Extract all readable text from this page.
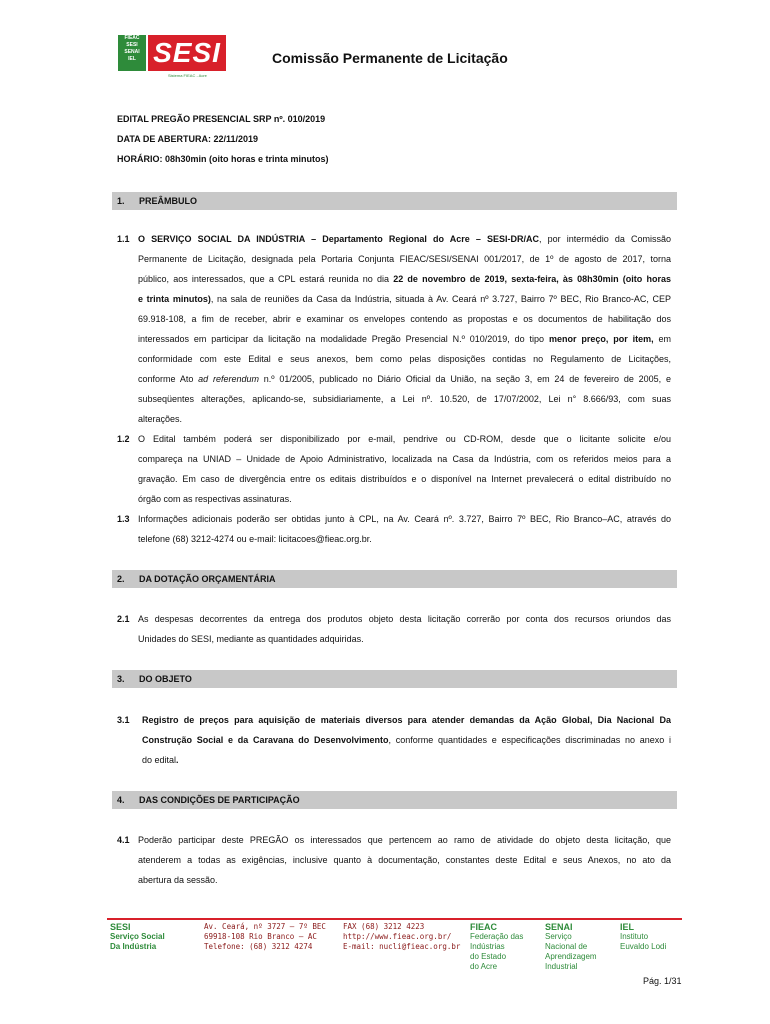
FIEAC
SESI
SENAI
IEL SESI
Sistema FIEAC - Acre
Comissão Permanente de Licitação
EDITAL PREGÃO PRESENCIAL SRP nº. 010/2019
DATA DE ABERTURA: 22/11/2019
HORÁRIO: 08h30min (oito horas e trinta minutos)
1. PREÂMBULO
1.1 O SERVIÇO SOCIAL DA INDÚSTRIA – Departamento Regional do Acre – SESI-DR/AC, por intermédio da Comissão
Permanente de Licitação, designada pela Portaria Conjunta FIEAC/SESI/SENAI 001/2017, de 1º de agosto de 2017, torna
público, aos interessados, que a CPL estará reunida no dia 22 de novembro de 2019, sexta-feira, às 08h30min (oito horas
e trinta minutos), na sala de reuniões da Casa da Indústria, situada à Av. Ceará nº 3.727, Bairro 7º BEC, Rio Branco-AC, CEP
69.918-108, a fim de receber, abrir e examinar os envelopes contendo as propostas e os documentos de habilitação dos
interessados em participar da licitação na modalidade Pregão Presencial N.º 010/2019, do tipo menor preço, por item, em
conformidade com este Edital e seus anexos, bem como pelas disposições contidas no Regulamento de Licitações,
conforme Ato ad referendum n.º 01/2005, publicado no Diário Oficial da União, na seção 3, em 24 de fevereiro de 2005, e
subseqüentes alterações, aplicando-se, subsidiariamente, a Lei nº. 10.520, de 17/07/2002, Lei n° 8.666/93, com suas
alterações.
1.2 O Edital também poderá ser disponibilizado por e-mail, pendrive ou CD-ROM, desde que o licitante solicite e/ou
compareça na UNIAD – Unidade de Apoio Administrativo, localizada na Casa da Indústria, com os referidos meios para a
gravação. Em caso de divergência entre os editais distribuídos e o disponível na Internet prevalecerá o edital distribuído no
órgão com as respectivas assinaturas.
1.3 Informações adicionais poderão ser obtidas junto à CPL, na Av. Ceará nº. 3.727, Bairro 7º BEC, Rio Branco–AC, através do
telefone (68) 3212-4274 ou e-mail: licitacoes@fieac.org.br.
2. DA DOTAÇÃO ORÇAMENTÁRIA
2.1 As despesas decorrentes da entrega dos produtos objeto desta licitação correrão por conta dos recursos oriundos das
Unidades do SESI, mediante as quantidades adquiridas.
3. DO OBJETO
3.1 Registro de preços para aquisição de materiais diversos para atender demandas da Ação Global, Dia Nacional Da
Construção Social e da Caravana do Desenvolvimento, conforme quantidades e especificações discriminadas no anexo i
do edital.
4. DAS CONDIÇÕES DE PARTICIPAÇÃO
4.1 Poderão participar deste PREGÃO os interessados que pertencem ao ramo de atividade do objeto desta licitação, que
atenderem a todas as exigências, inclusive quanto à documentação, constantes deste Edital e seus Anexos, no ato da
abertura da sessão.
SESI
Serviço Social
Da Indústria
Av. Ceará, nº 3727 – 7º BEC
69918-108 Rio Branco – AC
Telefone: (68) 3212 4274
FAX (68) 3212 4223
http://www.fieac.org.br/
E-mail: nucli@fieac.org.br
FIEAC
Federação das
Indústrias
do Estado
do Acre
SENAI
Serviço
Nacional de
Aprendizagem
Industrial
IEL
Instituto
Euvaldo Lodi
Pág. 1/31
